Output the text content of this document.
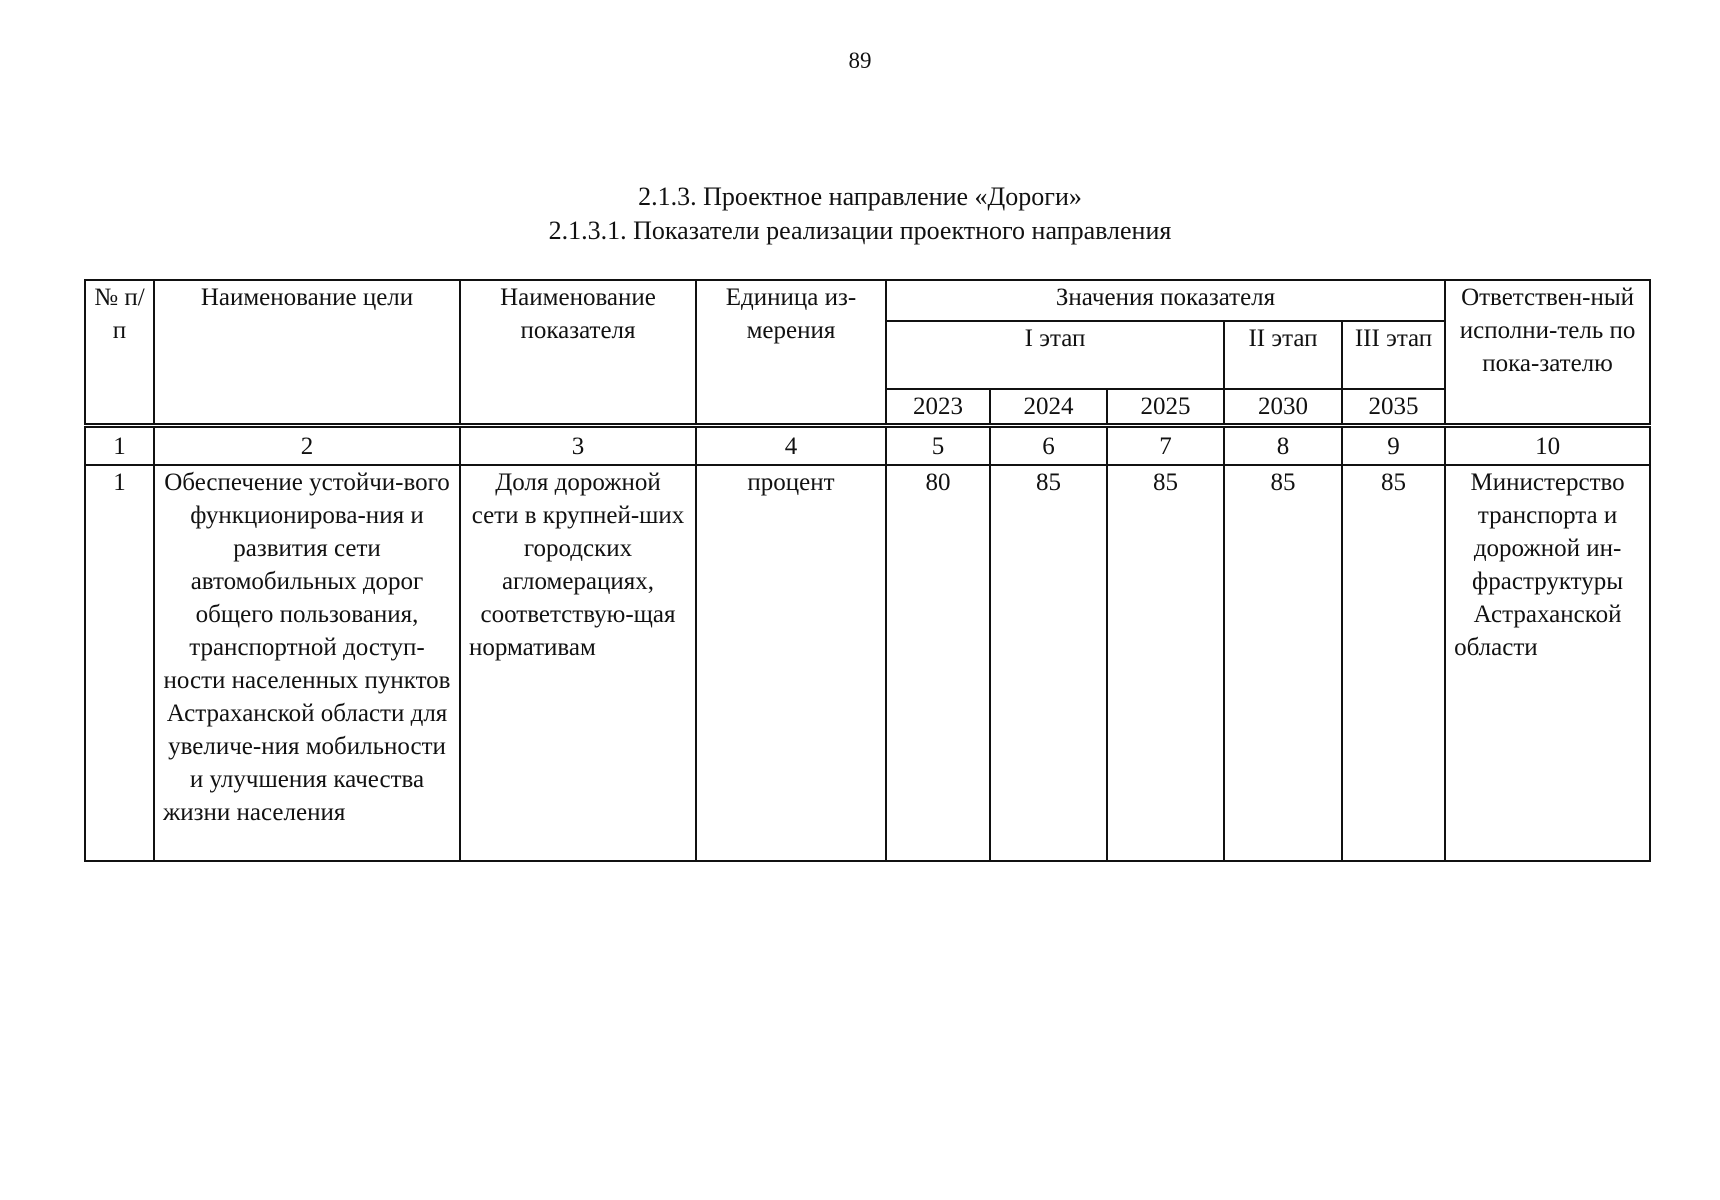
89
2.1.3. Проектное направление «Дороги»
2.1.3.1. Показатели реализации проектного направления
№ п/п	Наименование цели	Наименование показателя	Единица из-мерения	Значения показателя					Ответствен-ный исполни-тель по пока-зателю
				I этап			II этап	III этап	
				2023	2024	2025	2030	2035	
1	2	3	4	5	6	7	8	9	10
1	Обеспечение устойчи-вого функционирова-ния и развития сети автомобильных дорог общего пользования, транспортной доступ-ности населенных пунктов Астраханской области для увеличе-ния мобильности и улучшения качества жизни населения	Доля дорожной сети в крупней-ших городских агломерациях, соответствую-щая нормативам	процент	80	85	85	85	85	Министерство транспорта и дорожной ин-фраструктуры Астраханской области
